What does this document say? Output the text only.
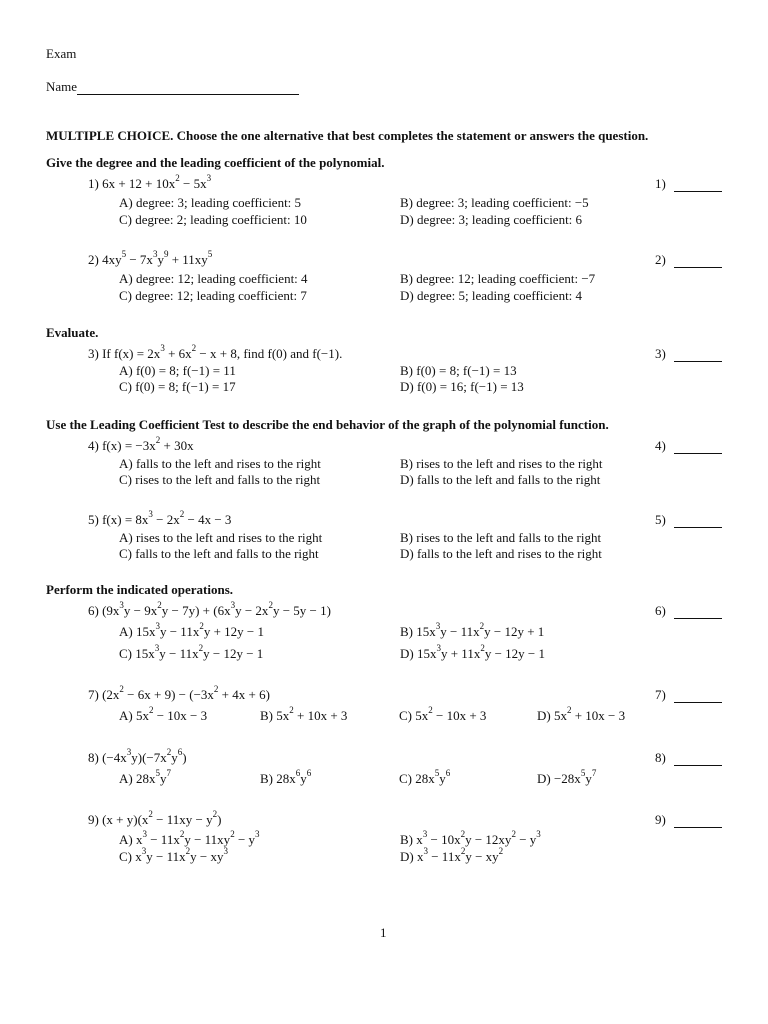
Exam
Name
MULTIPLE CHOICE. Choose the one alternative that best completes the statement or answers the question.
Give the degree and the leading coefficient of the polynomial.
Evaluate.
Use the Leading Coefficient Test to describe the end behavior of the graph of the polynomial function.
Perform the indicated operations.
1) $6x + 12 + 10x^2 - 5x^3$	1)
A) degree: 3; leading coefficient: 5	B) degree: 3; leading coefficient: −5
C) degree: 2; leading coefficient: 10	D) degree: 3; leading coefficient: 6
2) $4xy^5 - 7x^3y^9 + 11xy^5$	2)
A) degree: 12; leading coefficient: 4	B) degree: 12; leading coefficient: −7
C) degree: 12; leading coefficient: 7	D) degree: 5; leading coefficient: 4
3) If $f(x) = 2x^3 + 6x^2 - x + 8$, find f(0) and f(−1).	3)
A) f(0) = 8; f(−1) = 11	B) f(0) = 8; f(−1) = 13
C) f(0) = 8; f(−1) = 17	D) f(0) = 16; f(−1) = 13
4) $f(x) = -3x^2 + 30x$	4)
A) falls to the left and rises to the right	B) rises to the left and rises to the right
C) rises to the left and falls to the right	D) falls to the left and falls to the right
5) $f(x) = 8x^3 - 2x^2 - 4x - 3$	5)
A) rises to the left and rises to the right	B) rises to the left and falls to the right
C) falls to the left and falls to the right	D) falls to the left and rises to the right
6) $(9x^3y - 9x^2y - 7y) + (6x^3y - 2x^2y - 5y - 1)$	6)
A) $15x^3y - 11x^2y + 12y - 1$	B) $15x^3y - 11x^2y - 12y + 1$
C) $15x^3y - 11x^2y - 12y - 1$	D) $15x^3y + 11x^2y - 12y - 1$
7) $(2x^2 - 6x + 9) - (-3x^2 + 4x + 6)$	7)
A) $5x^2 - 10x - 3$	B) $5x^2 + 10x + 3$	C) $5x^2 - 10x + 3$	D) $5x^2 + 10x - 3$
8) $(-4x^3y)(-7x^2y^6)$	8)
A) $28x^5y^7$	B) $28x^6y^6$	C) $28x^5y^6$	$D) -28x^5y^7$
9) $(x + y)(x^2 - 11xy - y^2)$	9)
A) $x^3 - 11x^2y - 11xy^2 - y^3$	B) $x^3 - 10x^2y - 12xy^2 - y^3$
C) $x^3y - 11x^2y - xy^3$	D) $x^3 - 11x^2y - xy^2$
1
